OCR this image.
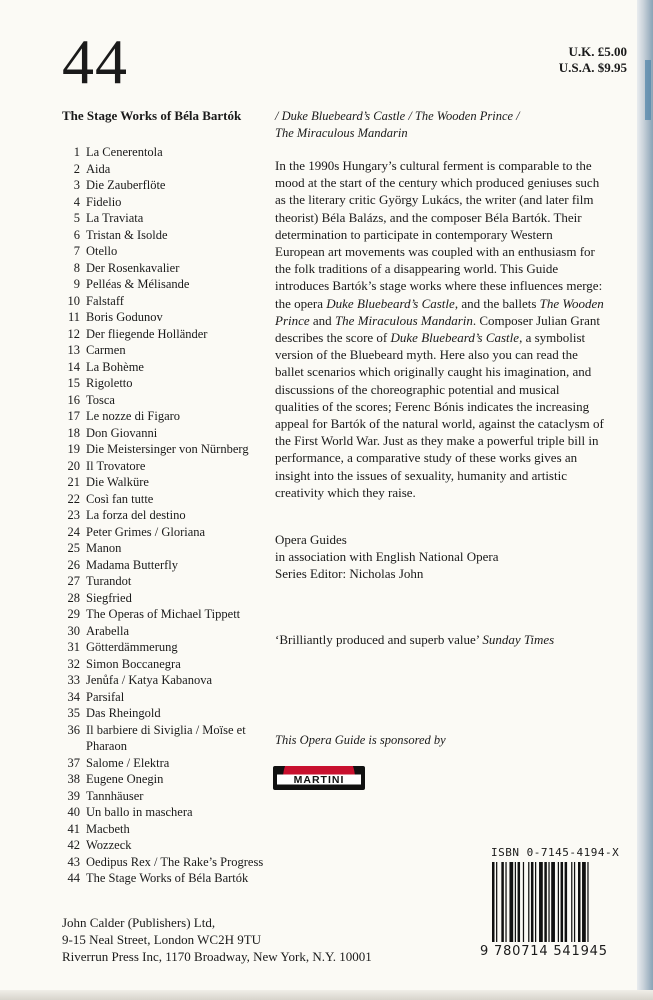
44	U.K. £5.00
U.S.A. $9.95
The Stage Works of Béla Bartók	/ Duke Bluebeard’s Castle / The Wooden Prince /
The Miraculous Mandarin
1 La Cenerentola
2 Aida
3 Die Zauberflöte
4 Fidelio
5 La Traviata
6 Tristan & Isolde
7 Otello
8 Der Rosenkavalier
9 Pelléas & Mélisande
10 Falstaff
11 Boris Godunov
12 Der fliegende Holländer
13 Carmen
14 La Bohème
15 Rigoletto
16 Tosca
17 Le nozze di Figaro
18 Don Giovanni
19 Die Meistersinger von Nürnberg
20 Il Trovatore
21 Die Walküre
22 Così fan tutte
23 La forza del destino
24 Peter Grimes / Gloriana
25 Manon
26 Madama Butterfly
27 Turandot
28 Siegfried
29 The Operas of Michael Tippett
30 Arabella
31 Götterdämmerung
32 Simon Boccanegra
33 Jenůfa / Katya Kabanova
34 Parsifal
35 Das Rheingold
36 Il barbiere di Siviglia / Moïse et Pharaon
37 Salome / Elektra
38 Eugene Onegin
39 Tannhäuser
40 Un ballo in maschera
41 Macbeth
42 Wozzeck
43 Oedipus Rex / The Rake’s Progress
44 The Stage Works of Béla Bartók

In the 1990s Hungary’s cultural ferment is comparable to the mood at the start of the century which produced geniuses such as the literary critic György Lukács, the writer (and later film theorist) Béla Balázs, and the composer Béla Bartók. Their determination to participate in contemporary Western European art movements was coupled with an enthusiasm for the folk traditions of a disappearing world. This Guide introduces Bartók’s stage works where these influences merge: the opera Duke Bluebeard’s Castle, and the ballets The Wooden Prince and The Miraculous Mandarin. Composer Julian Grant describes the score of Duke Bluebeard’s Castle, a symbolist version of the Bluebeard myth. Here also you can read the ballet scenarios which originally caught his imagination, and discussions of the choreographic potential and musical qualities of the scores; Ferenc Bónis indicates the increasing appeal for Bartók of the natural world, against the cataclysm of the First World War. Just as they make a powerful triple bill in performance, a comparative study of these works gives an insight into the issues of sexuality, humanity and artistic creativity which they raise.

Opera Guides
in association with English National Opera
Series Editor: Nicholas John
‘Brilliantly produced and superb value’ Sunday Times
This Opera Guide is sponsored by
MARTINI
ISBN 0-7145-4194-X
9 780714 541945
John Calder (Publishers) Ltd,
9-15 Neal Street, London WC2H 9TU
Riverrun Press Inc, 1170 Broadway, New York, N.Y. 10001
